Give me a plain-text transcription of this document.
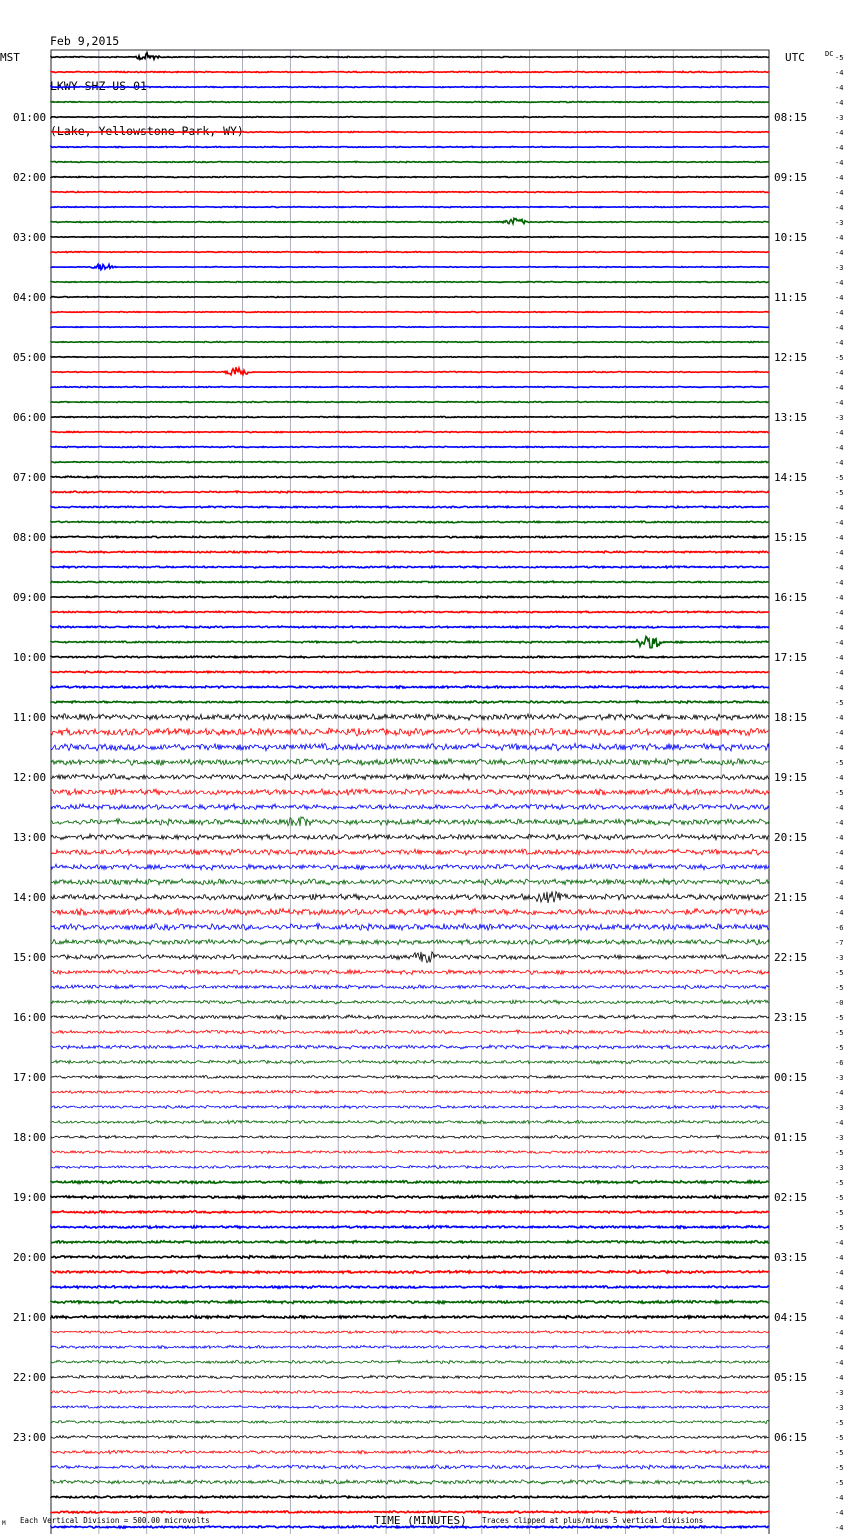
Feb 9,2015

LKWY SHZ US 01

(Lake, Yellowstone Park, WY)

MST	UTC	DC
TIME (MINUTES)
Each Vertical Division = 500.00 microvolts	Traces clipped at plus/minus 5 vertical divisions
M
-5
-4
-4
-4
-3
-4
-4
-4
-4
-4
-4
-3
-4
-4
-3
-4
-4
-4
-4
-4
-5
-4
-4
-4
-3
-4
-4
-4
-5
-5
-4
-4
-4
-4
-4
-4
-4
-4
-4
-4
-4
-4
-4
-5
-4
-4
-4
-5
-4
-5
-4
-4
-4
-4
-4
-4
-4
-4
-6
-7
-3
-5
-5
-0
-5
-5
-5
-6
-3
-4
-3
-4
-3
-5
-3
-5
-5
-5
-5
-4
-4
-4
-4
-4
-4
-4
-4
-4
-4
-3
-3
-5
-5
-5
-5
-5
-4
-4
-4
01:00	08:15
02:00	09:15
03:00	10:15
04:00	11:15
05:00	12:15
06:00	13:15
07:00	14:15
08:00	15:15
09:00	16:15
10:00	17:15
11:00	18:15
12:00	19:15
13:00	20:15
14:00	21:15
15:00	22:15
16:00	23:15
17:00	00:15
18:00	01:15
19:00	02:15
20:00	03:15
21:00	04:15
22:00	05:15
23:00	06:15
